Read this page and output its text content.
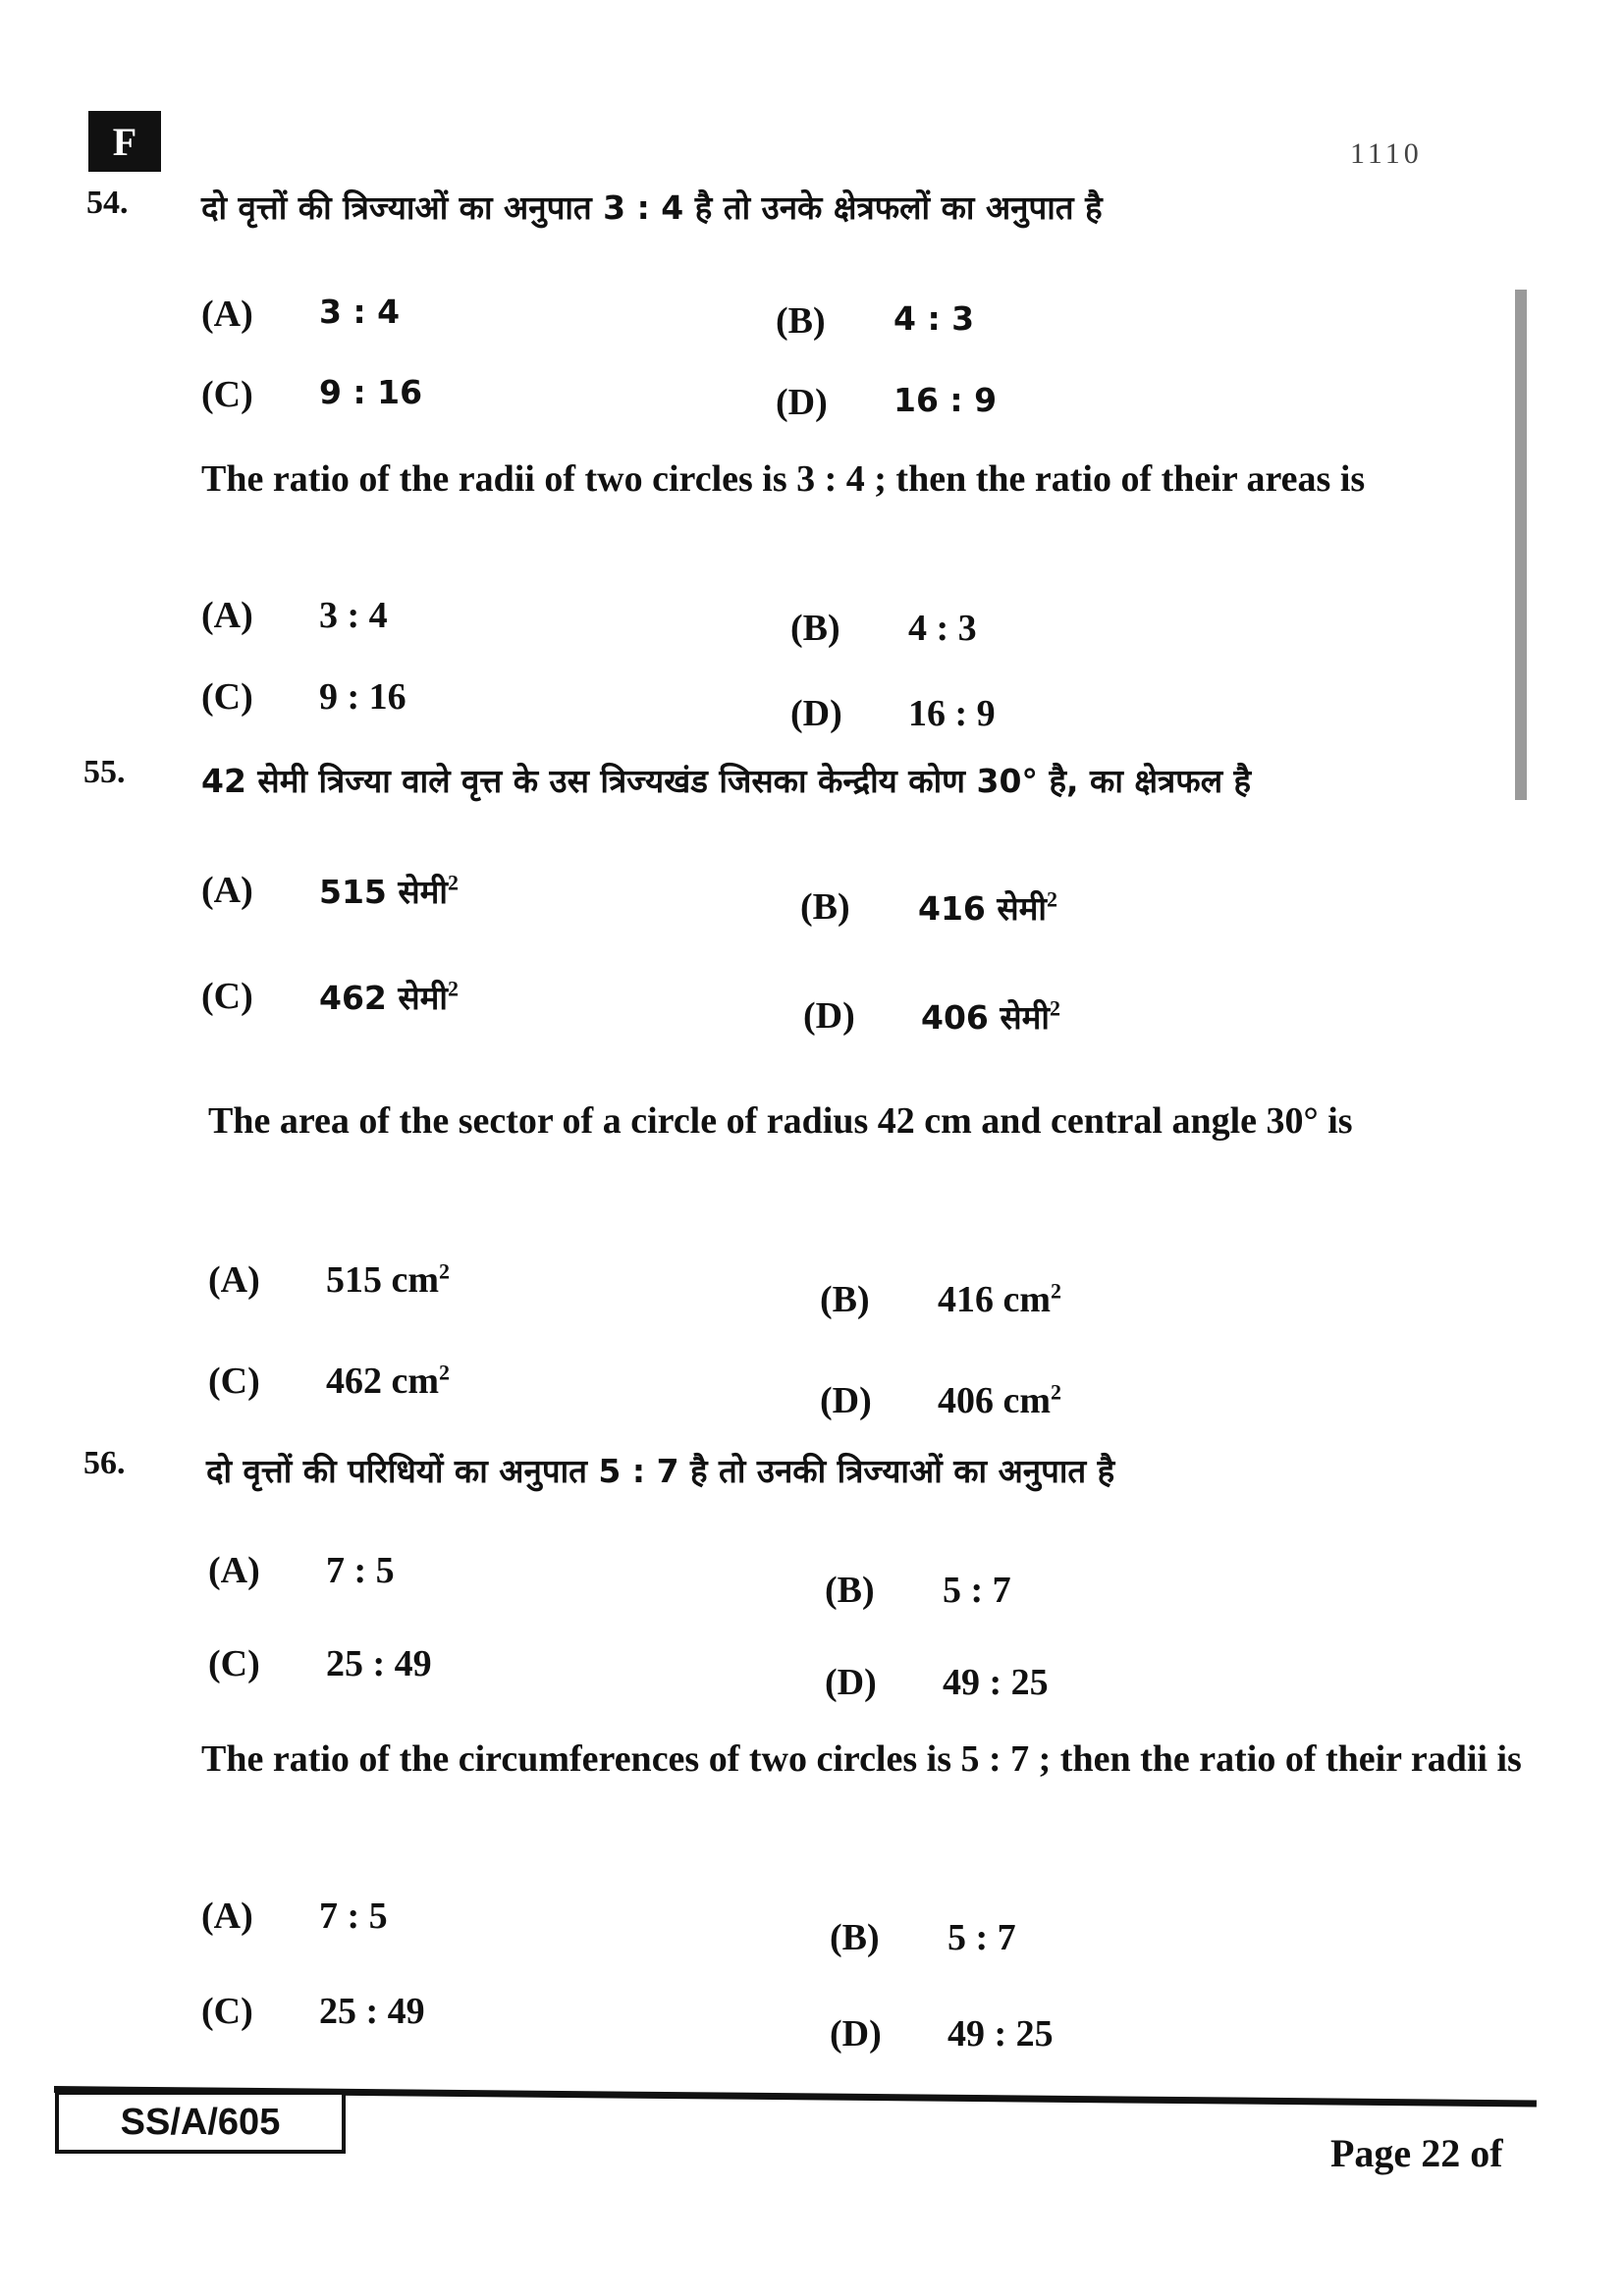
F	1110
54. दो वृत्तों की त्रिज्याओं का अनुपात 3 : 4 है तो उनके क्षेत्रफलों का अनुपात है
(A) 3 : 4	(B) 4 : 3
(C) 9 : 16	(D) 16 : 9
The ratio of the radii of two circles is 3 : 4 ; then the ratio of their areas is
(A) 3 : 4	(B) 4 : 3
(C) 9 : 16	(D) 16 : 9
55. 42 सेमी त्रिज्या वाले वृत्त के उस त्रिज्यखंड जिसका केन्द्रीय कोण 30° है, का क्षेत्रफल है
(A) 515 सेमी$^2$
(B) 416 सेमी$^2$
(C) 462 सेमी$^2$
(D) 406 सेमी$^2$
The area of the sector of a circle of radius 42 cm and central angle 30° is
(A) 515 $cm^2$
(B) 416 $cm^2$
(C) 462 $cm^2$
(D) 406 $cm^2$
56.	दो वृत्तों की परिधियों का अनुपात 5 : 7 है तो उनकी त्रिज्याओं का अनुपात है
(A) 7 : 5	(B) 5 : 7
(C) 25 : 49	(D) 49 : 25
The ratio of the circumferences of two circles is 5 : 7 ; then the ratio of their radii is
(A) 7 : 5
(B) 5 : 7
(C) 25 : 49
(D) 49 : 25
SS/A/605
Page 22 of
